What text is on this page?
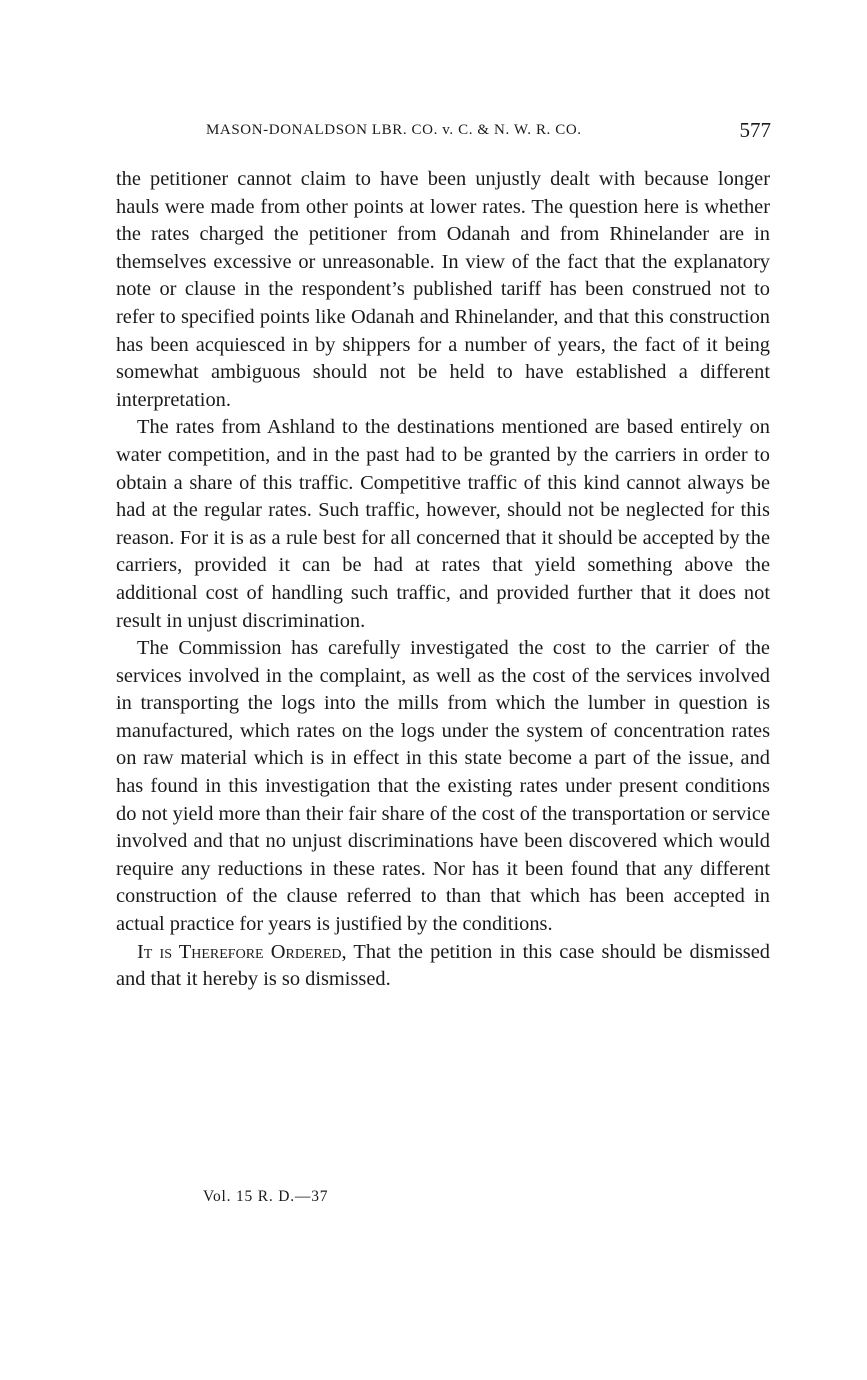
MASON-DONALDSON LBR. CO. v. C. & N. W. R. CO.	577

the petitioner cannot claim to have been unjustly dealt with because longer hauls were made from other points at lower rates. The question here is whether the rates charged the petitioner from Odanah and from Rhinelander are in themselves excessive or unreasonable. In view of the fact that the explanatory note or clause in the respondent’s published tariff has been construed not to refer to specified points like Odanah and Rhinelander, and that this construction has been acquiesced in by shippers for a number of years, the fact of it being somewhat ambiguous should not be held to have established a different interpretation.

The rates from Ashland to the destinations mentioned are based entirely on water competition, and in the past had to be granted by the carriers in order to obtain a share of this traffic. Competitive traffic of this kind cannot always be had at the regular rates. Such traffic, however, should not be neglected for this reason. For it is as a rule best for all concerned that it should be accepted by the carriers, provided it can be had at rates that yield something above the additional cost of handling such traffic, and provided further that it does not result in unjust discrimination.

The Commission has carefully investigated the cost to the carrier of the services involved in the complaint, as well as the cost of the services involved in transporting the logs into the mills from which the lumber in question is manufactured, which rates on the logs under the system of concentration rates on raw material which is in effect in this state become a part of the issue, and has found in this investigation that the existing rates under present conditions do not yield more than their fair share of the cost of the transportation or service involved and that no unjust discriminations have been discovered which would require any reductions in these rates. Nor has it been found that any different construction of the clause referred to than that which has been accepted in actual practice for years is justified by the conditions.

It is Therefore Ordered, That the petition in this case should be dismissed and that it hereby is so dismissed.

Vol. 15 R. D.—37
